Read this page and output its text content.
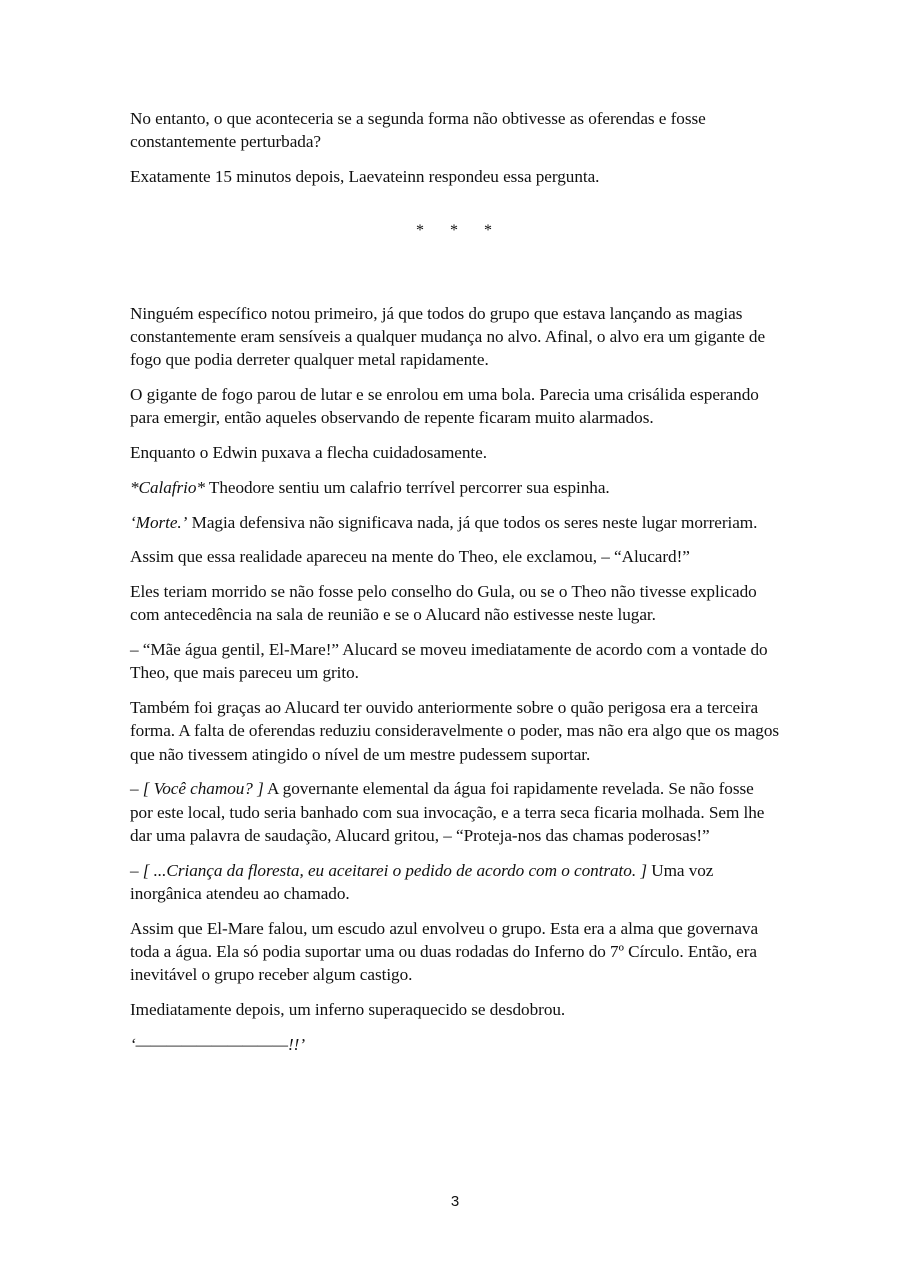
No entanto, o que aconteceria se a segunda forma não obtivesse as oferendas e fosse constantemente perturbada?

Exatamente 15 minutos depois, Laevateinn respondeu essa pergunta.

* * *

Ninguém específico notou primeiro, já que todos do grupo que estava lançando as magias constantemente eram sensíveis a qualquer mudança no alvo. Afinal, o alvo era um gigante de fogo que podia derreter qualquer metal rapidamente.

O gigante de fogo parou de lutar e se enrolou em uma bola. Parecia uma crisálida esperando para emergir, então aqueles observando de repente ficaram muito alarmados.

Enquanto o Edwin puxava a flecha cuidadosamente.

*Calafrio* Theodore sentiu um calafrio terrível percorrer sua espinha.

‘Morte.’ Magia defensiva não significava nada, já que todos os seres neste lugar morreriam.

Assim que essa realidade apareceu na mente do Theo, ele exclamou, – “Alucard!”

Eles teriam morrido se não fosse pelo conselho do Gula, ou se o Theo não tivesse explicado com antecedência na sala de reunião e se o Alucard não estivesse neste lugar.

– “Mãe água gentil, El-Mare!” Alucard se moveu imediatamente de acordo com a vontade do Theo, que mais pareceu um grito.

Também foi graças ao Alucard ter ouvido anteriormente sobre o quão perigosa era a terceira forma. A falta de oferendas reduziu consideravelmente o poder, mas não era algo que os magos que não tivessem atingido o nível de um mestre pudessem suportar.

– [ Você chamou? ] A governante elemental da água foi rapidamente revelada. Se não fosse por este local, tudo seria banhado com sua invocação, e a terra seca ficaria molhada. Sem lhe dar uma palavra de saudação, Alucard gritou, – “Proteja-nos das chamas poderosas!”

– [ ...Criança da floresta, eu aceitarei o pedido de acordo com o contrato. ] Uma voz inorgânica atendeu ao chamado.

Assim que El-Mare falou, um escudo azul envolveu o grupo. Esta era a alma que governava toda a água. Ela só podia suportar uma ou duas rodadas do Inferno do 7º Círculo. Então, era inevitável o grupo receber algum castigo.

Imediatamente depois, um inferno superaquecido se desdobrou.

‘——————————!!’

3
